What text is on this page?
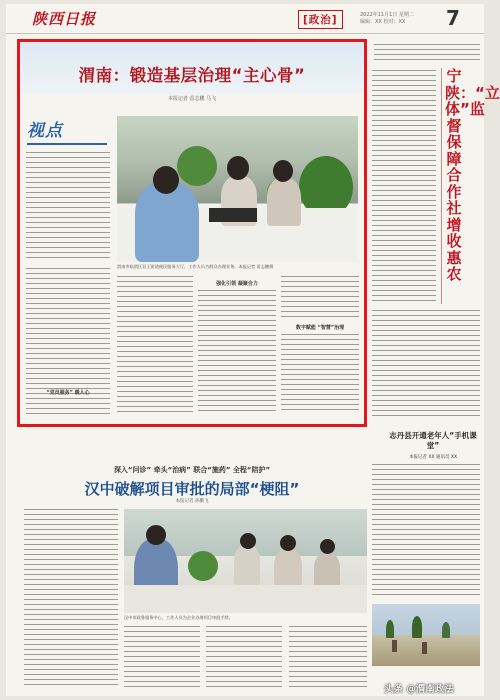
陕西日报	[政治]	2022年11月1日 星期二
编辑：XX 校对：XX 7
渭南：锻造基层治理“主心骨”
本报记者 雷志鹏 马飞
视点
渭南市临渭区双王街道便民服务大厅，工作人员为群众办理业务。本报记者 雷志鹏摄
强化引领 凝聚合力
数字赋能 “智慧”治理
“党员服务” 暖人心
宁陕：“立体”监督保障合作社增收惠农
志丹县开通老年人“手机课堂”
本报记者 XX 通讯员 XX
深入“问诊” 牵头“治病” 联合“施药” 全程“陪护”
汉中破解项目审批的局部“梗阻”
本报记者 孙鹏飞
汉中市政务服务中心，工作人员为企业办理项目审批手续。
头条 @渭南政法
